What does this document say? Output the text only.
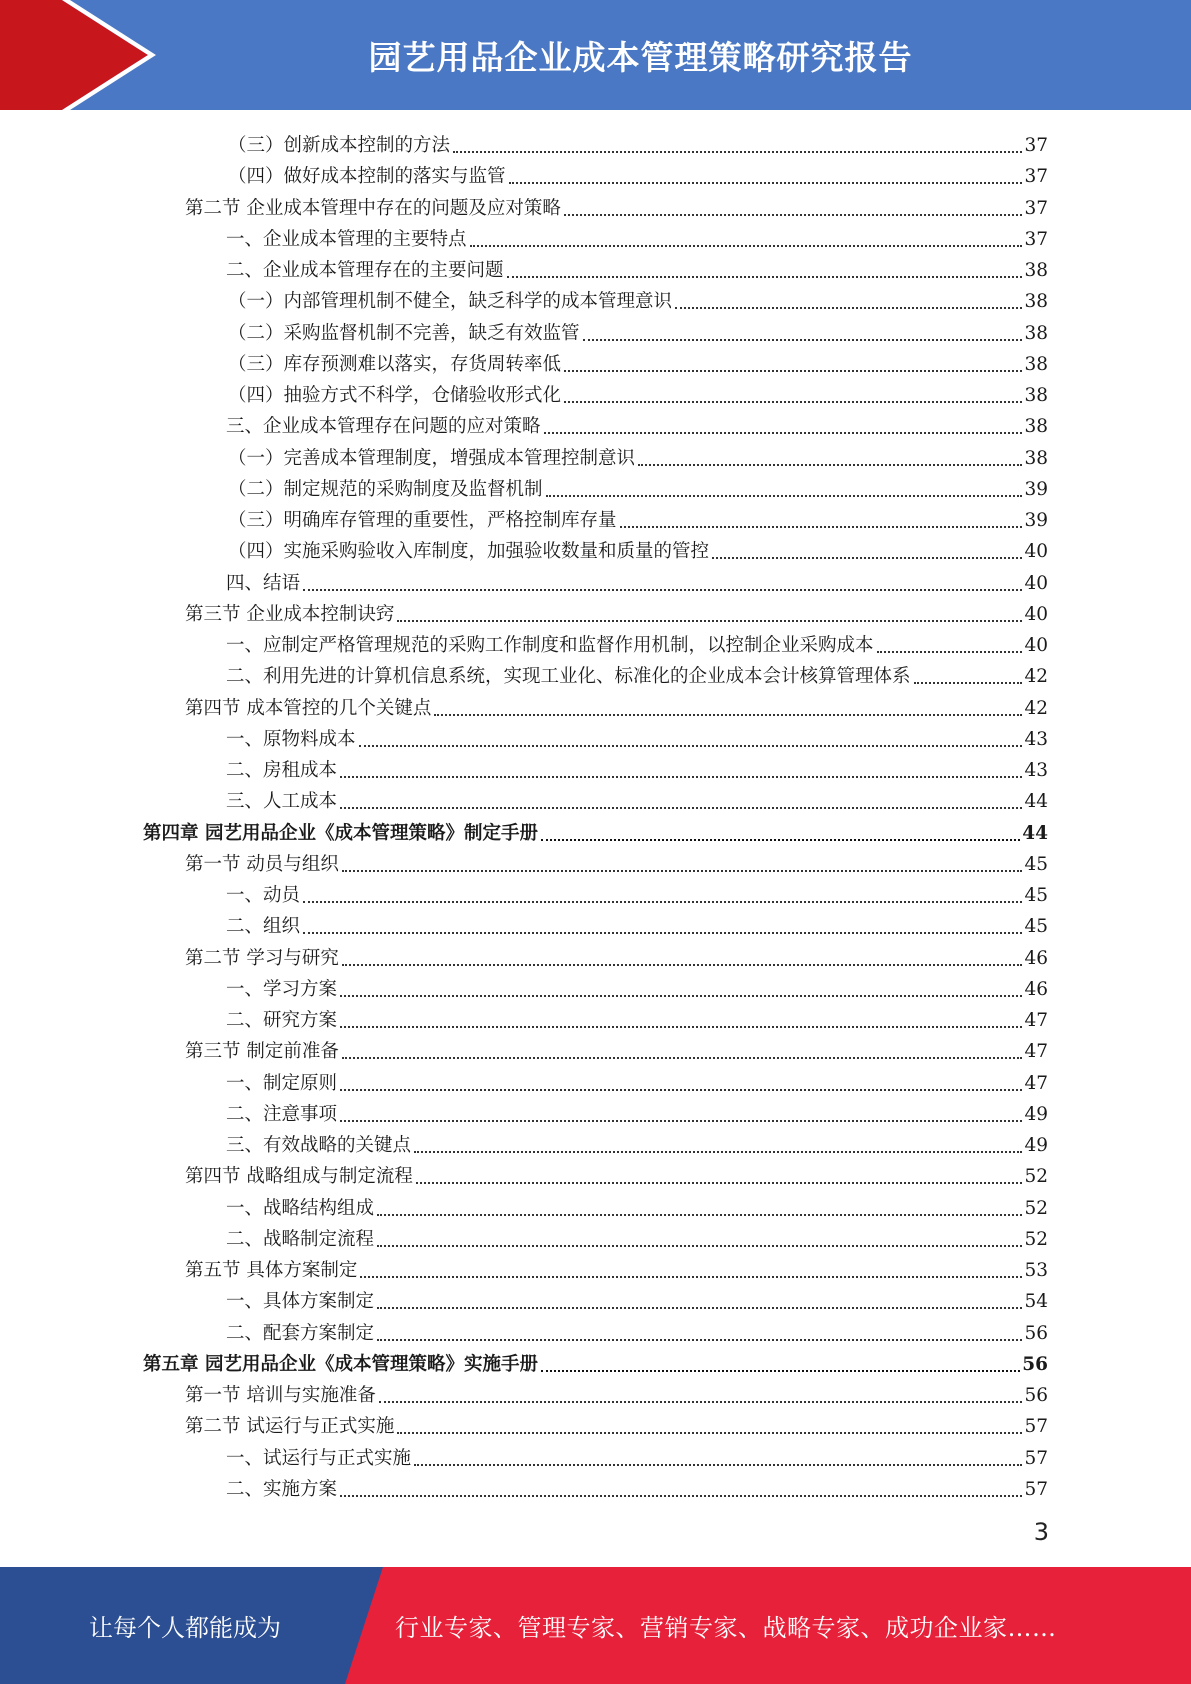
园艺用品企业成本管理策略研究报告
（三）创新成本控制的方法	37
（四）做好成本控制的落实与监管	37
第二节 企业成本管理中存在的问题及应对策略	37
一、企业成本管理的主要特点	37
二、企业成本管理存在的主要问题	38
（一）内部管理机制不健全，缺乏科学的成本管理意识	38
（二）采购监督机制不完善，缺乏有效监管	38
（三）库存预测难以落实，存货周转率低	38
（四）抽验方式不科学，仓储验收形式化	38
三、企业成本管理存在问题的应对策略	38
（一）完善成本管理制度，增强成本管理控制意识	38
（二）制定规范的采购制度及监督机制	39
（三）明确库存管理的重要性，严格控制库存量	39
（四）实施采购验收入库制度，加强验收数量和质量的管控	40
四、结语	40
第三节 企业成本控制诀窍	40
一、应制定严格管理规范的采购工作制度和监督作用机制，以控制企业采购成本	40
二、利用先进的计算机信息系统，实现工业化、标准化的企业成本会计核算管理体系	42
第四节 成本管控的几个关键点	42
一、原物料成本	43
二、房租成本	43
三、人工成本	44
第四章 园艺用品企业《成本管理策略》制定手册	44
第一节 动员与组织	45
一、动员	45
二、组织	45
第二节 学习与研究	46
一、学习方案	46
二、研究方案	47
第三节 制定前准备	47
一、制定原则	47
二、注意事项	49
三、有效战略的关键点	49
第四节 战略组成与制定流程	52
一、战略结构组成	52
二、战略制定流程	52
第五节 具体方案制定	53
一、具体方案制定	54
二、配套方案制定	56
第五章 园艺用品企业《成本管理策略》实施手册	56
第一节 培训与实施准备	56
第二节 试运行与正式实施	57
一、试运行与正式实施	57
二、实施方案	57
3
让每个人都能成为	行业专家、管理专家、营销专家、战略专家、成功企业家……
